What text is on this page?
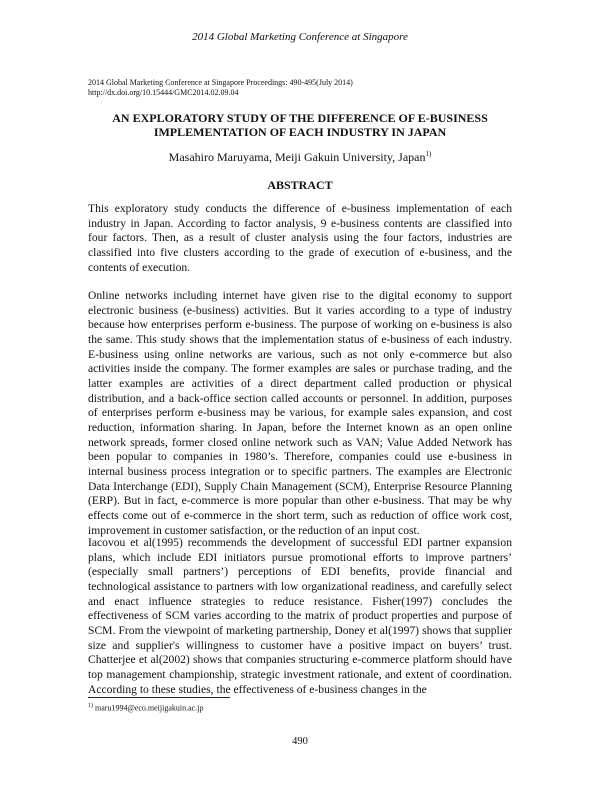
2014 Global Marketing Conference at Singapore
2014 Global Marketing Conference at Singapore Proceedings: 490-495(July 2014)
http://dx.doi.org/10.15444/GMC2014.02.09.04
AN EXPLORATORY STUDY OF THE DIFFERENCE OF E-BUSINESS
IMPLEMENTATION OF EACH INDUSTRY IN JAPAN
Masahiro Maruyama, Meiji Gakuin University, Japan$^{1)}$
ABSTRACT

This exploratory study conducts the difference of e-business implementation of each industry in Japan. According to factor analysis, 9 e-business contents are classified into four factors. Then, as a result of cluster analysis using the four factors, industries are classified into five clusters according to the grade of execution of e-business, and the contents of execution.

Online networks including internet have given rise to the digital economy to support electronic business (e-business) activities. But it varies according to a type of industry because how enterprises perform e-business. The purpose of working on e-business is also the same. This study shows that the implementation status of e-business of each industry. E-business using online networks are various, such as not only e-commerce but also activities inside the company. The former examples are sales or purchase trading, and the latter examples are activities of a direct department called production or physical distribution, and a back-office section called accounts or personnel. In addition, purposes of enterprises perform e-business may be various, for example sales expansion, and cost reduction, information sharing. In Japan, before the Internet known as an open online network spreads, former closed online network such as VAN; Value Added Network has been popular to companies in 1980’s. Therefore, companies could use e-business in internal business process integration or to specific partners. The examples are Electronic Data Interchange (EDI), Supply Chain Management (SCM), Enterprise Resource Planning (ERP). But in fact, e-commerce is more popular than other e-business. That may be why effects come out of e-commerce in the short term, such as reduction of office work cost, improvement in customer satisfaction, or the reduction of an input cost.

Iacovou et al(1995) recommends the development of successful EDI partner expansion plans, which include EDI initiators pursue promotional efforts to improve partners’ (especially small partners’) perceptions of EDI benefits, provide financial and technological assistance to partners with low organizational readiness, and carefully select and enact influence strategies to reduce resistance. Fisher(1997) concludes the effectiveness of SCM varies according to the matrix of product properties and purpose of SCM. From the viewpoint of marketing partnership, Doney et al(1997) shows that supplier size and supplier's willingness to customer have a positive impact on buyers’ trust. Chatterjee et al(2002) shows that companies structuring e-commerce platform should have top management championship, strategic investment rationale, and extent of coordination. According to these studies, the effectiveness of e-business changes in the

$^{1)}$ maru1994@eco.meijigakuin.ac.jp
490
